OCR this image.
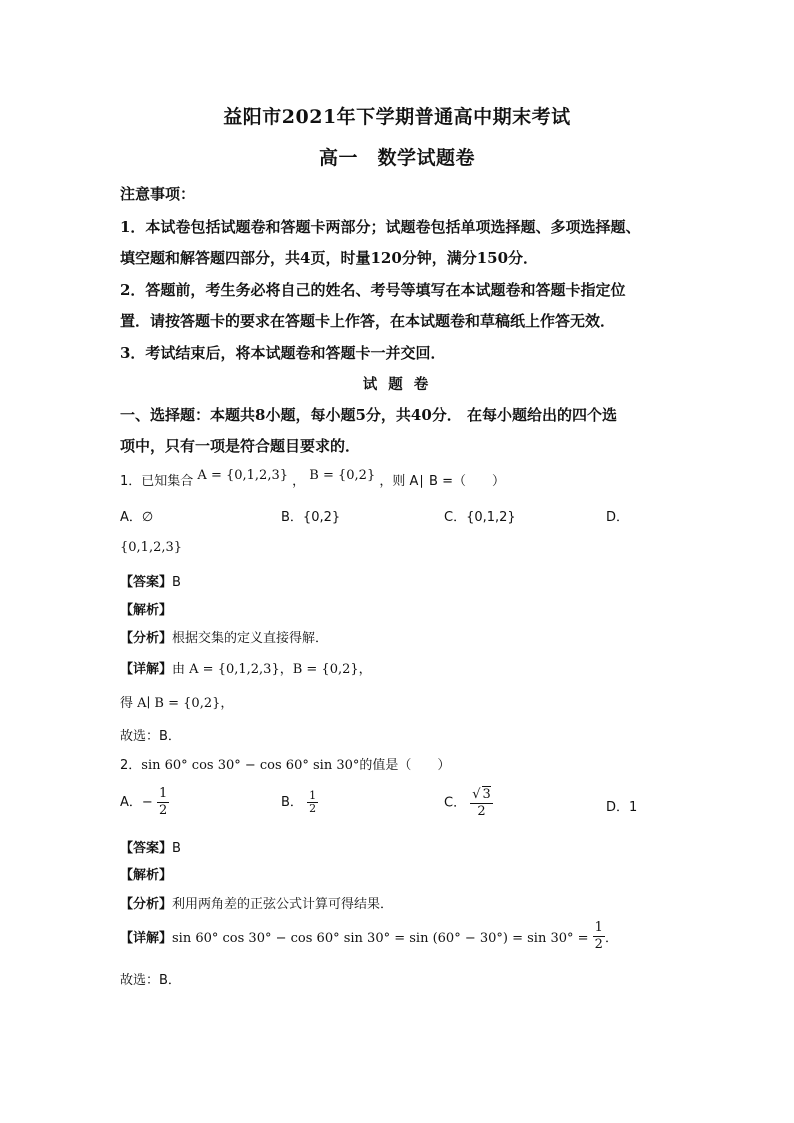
益阳市2021年下学期普通高中期末考试
高一　数学试题卷
注意事项：
1．本试卷包括试题卷和答题卡两部分；试题卷包括单项选择题、多项选择题、
填空题和解答题四部分，共4页，时量120分钟，满分150分．
2．答题前，考生务必将自己的姓名、考号等填写在本试题卷和答题卡指定位
置．请按答题卡的要求在答题卡上作答，在本试题卷和草稿纸上作答无效．
3．考试结束后，将本试题卷和答题卡一并交回．
试 题 卷
一、选择题：本题共8小题，每小题5分，共40分． 在每小题给出的四个选
项中，只有一项是符合题目要求的．
1．已知集合 A = {0,1,2,3} ， B = {0,2} ，则 A∣ B =（　　）
A．∅	B．{0,2}	C．{0,1,2}	D．
{0,1,2,3}
【答案】B
【解析】
【分析】根据交集的定义直接得解．
【详解】由 A = {0,1,2,3}，B = {0,2}，
得 A∣ B = {0,2}，
故选：B．
2．sin 60° cos 30° − cos 60° sin 30°的值是（　　）
A．− $\frac{1}{2}$	B． $\frac{1}{2}$	C． $\frac{√ 3}{2}$	D．1
【答案】B
【解析】
【分析】利用两角差的正弦公式计算可得结果．
【详解】sin 60° cos 30° − cos 60° $\sin 30^\circ = \sin (60^\circ - 30^\circ) = \sin 30^\circ = \frac{1}{2}$ ．
故选：B．
